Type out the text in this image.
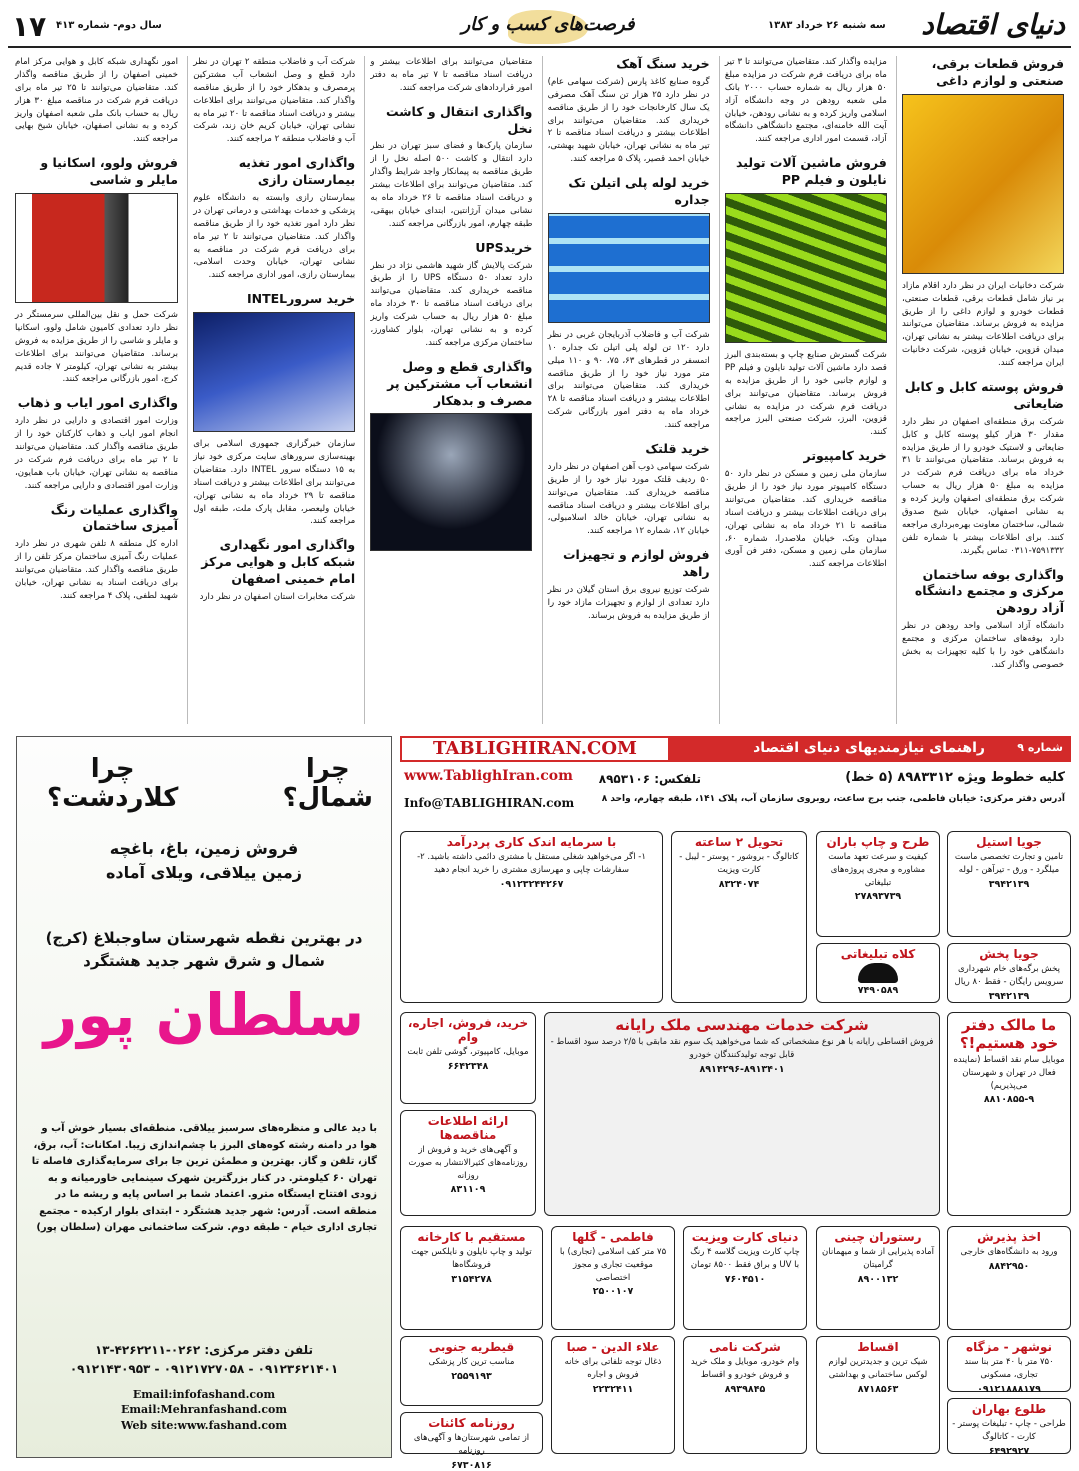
۱۷ سال دوم- شماره ۴۱۳	فرصت‌های کسب و کار	سه شنبه ۲۶ خرداد ۱۳۸۳ دنیای اقتصاد
فروش قطعات برقی، صنعتی و لوازم داغی

شرکت دخانیات ایران در نظر دارد اقلام مازاد بر نیاز شامل قطعات برقی، قطعات صنعتی، قطعات خودرو و لوازم داغی را از طریق مزایده به فروش برساند. متقاضیان می‌توانند برای دریافت اطلاعات بیشتر به نشانی تهران، میدان قزوین، خیابان قزوین، شرکت دخانیات ایران مراجعه کنند.

فروش پوسته کابل و کابل ضایعاتی

شرکت برق منطقه‌ای اصفهان در نظر دارد مقدار ۳۰ هزار کیلو پوسته کابل و کابل ضایعاتی و لاستیک خودرو را از طریق مزایده به فروش برساند. متقاضیان می‌توانند تا ۳۱ خرداد ماه برای دریافت فرم شرکت در مزایده به مبلغ ۵۰ هزار ریال به حساب شرکت برق منطقه‌ای اصفهان واریز کرده و به نشانی اصفهان، خیابان شیخ صدوق شمالی، ساختمان معاونت بهره‌برداری مراجعه کنند. برای اطلاعات بیشتر با شماره تلفن ۷۵۹۱۳۳۲-۰۳۱۱ تماس بگیرند.

واگذاری بوفه ساختمان مرکزی و مجتمع دانشگاه آزاد رودهن

دانشگاه آزاد اسلامی واحد رودهن در نظر دارد بوفه‌های ساختمان مرکزی و مجتمع دانشگاهی خود را با کلیه تجهیزات به بخش خصوصی واگذار کند.

مزایده واگذار کند. متقاضیان می‌توانند تا ۳ تیر ماه برای دریافت فرم شرکت در مزایده مبلغ ۵۰ هزار ریال به شماره حساب ۲۰۰۰ بانک ملی شعبه رودهن در وجه دانشگاه آزاد اسلامی واریز کرده و به نشانی رودهن، خیابان آیت الله خامنه‌ای، مجتمع دانشگاهی دانشگاه آزاد، قسمت امور اداری مراجعه کنند.

فروش ماشین آلات تولید نایلون و فیلم PP

شرکت گسترش صنایع چاپ و بسته‌بندی البرز قصد دارد ماشین آلات تولید نایلون و فیلم PP و لوازم جانبی خود را از طریق مزایده به فروش برساند. متقاضیان می‌توانند برای دریافت فرم شرکت در مزایده به نشانی قزوین، البرز، شرکت صنعتی البرز مراجعه کنند.

خرید کامپیوتر

سازمان ملی زمین و مسکن در نظر دارد ۵۰ دستگاه کامپیوتر مورد نیاز خود را از طریق مناقصه خریداری کند. متقاضیان می‌توانند برای دریافت اطلاعات بیشتر و دریافت اسناد مناقصه تا ۲۱ خرداد ماه به نشانی تهران، میدان ونک، خیابان ملاصدرا، شماره ۶۰، سازمان ملی زمین و مسکن، دفتر فن آوری اطلاعات مراجعه کنند.

خرید سنگ آهک

گروه صنایع کاغذ پارس (شرکت سهامی عام) در نظر دارد ۲۵ هزار تن سنگ آهک مصرفی یک سال کارخانجات خود را از طریق مناقصه خریداری کند. متقاضیان می‌توانند برای اطلاعات بیشتر و دریافت اسناد مناقصه تا ۲ تیر ماه به نشانی تهران، خیابان شهید بهشتی، خیابان احمد قصیر، پلاک ۵ مراجعه کنند.

خرید لوله پلی اتیلن تک جداره

شرکت آب و فاضلاب آذربایجان غربی در نظر دارد ۱۲۰ تن لوله پلی اتیلن تک جداره ۱۰ اتمسفر در قطرهای ۶۳، ۷۵، ۹۰ و ۱۱۰ میلی متر مورد نیاز خود را از طریق مناقصه خریداری کند. متقاضیان می‌توانند برای اطلاعات بیشتر و دریافت اسناد مناقصه تا ۲۸ خرداد ماه به دفتر امور بازرگانی شرکت مراجعه کنند.

خرید قلتک

شرکت سهامی ذوب آهن اصفهان در نظر دارد ۵۰ ردیف قلتک مورد نیاز خود را از طریق مناقصه خریداری کند. متقاضیان می‌توانند برای اطلاعات بیشتر و دریافت اسناد مناقصه به نشانی تهران، خیابان خالد اسلامبولی، خیابان ۱۲، شماره ۱۲ مراجعه کنند.

فروش لوازم و تجهیزات راهد

شرکت توزیع نیروی برق استان گیلان در نظر دارد تعدادی از لوازم و تجهیزات مازاد خود را از طریق مزایده به فروش برساند.

متقاضیان می‌توانند برای اطلاعات بیشتر و دریافت اسناد مناقصه تا ۷ تیر ماه به دفتر امور قراردادهای شرکت مراجعه کنند.

واگذاری انتقال و کاشت نخل

سازمان پارک‌ها و فضای سبز تهران در نظر دارد انتقال و کاشت ۵۰۰ اصله نخل را از طریق مناقصه به پیمانکار واجد شرایط واگذار کند. متقاضیان می‌توانند برای اطلاعات بیشتر و دریافت اسناد مناقصه تا ۲۶ خرداد ماه به نشانی میدان آرژانتین، ابتدای خیابان بیهقی، طبقه چهارم، امور بازرگانی مراجعه کنند.

خریدUPS

شرکت پالایش گاز شهید هاشمی نژاد در نظر دارد تعداد ۵۰ دستگاه UPS را از طریق مناقصه خریداری کند. متقاضیان می‌توانند برای دریافت اسناد مناقصه تا ۳۰ خرداد ماه مبلغ ۵۰ هزار ریال به حساب شرکت واریز کرده و به نشانی تهران، بلوار کشاورز، ساختمان مرکزی مراجعه کنند.

واگذاری قطع و وصل انشعاب آب مشترکین پر مصرف و بدهکار

شرکت آب و فاضلاب منطقه ۲ تهران در نظر دارد قطع و وصل انشعاب آب مشترکین پرمصرف و بدهکار خود را از طریق مناقصه واگذار کند. متقاضیان می‌توانند برای اطلاعات بیشتر و دریافت اسناد مناقصه تا ۲۰ تیر ماه به نشانی تهران، خیابان کریم خان زند، شرکت آب و فاضلاب منطقه ۲ مراجعه کنند.

واگذاری امور تغذیه بیمارستان رازی

بیمارستان رازی وابسته به دانشگاه علوم پزشکی و خدمات بهداشتی و درمانی تهران در نظر دارد امور تغذیه خود را از طریق مناقصه واگذار کند. متقاضیان می‌توانند تا ۲ تیر ماه برای دریافت فرم شرکت در مناقصه به نشانی تهران، خیابان وحدت اسلامی، بیمارستان رازی، امور اداری مراجعه کنند.

خرید سرورINTEL

سازمان خبرگزاری جمهوری اسلامی برای بهینه‌سازی سرورهای سایت مرکزی خود نیاز به ۱۵ دستگاه سرور INTEL دارد. متقاضیان می‌توانند برای اطلاعات بیشتر و دریافت اسناد مناقصه تا ۲۹ خرداد ماه به نشانی تهران، خیابان ولیعصر، مقابل پارک ملت، طبقه اول مراجعه کنند.

واگذاری امور نگهداری شبکه کابل و هوایی مرکز امام خمینی اصفهان

شرکت مخابرات استان اصفهان در نظر دارد

امور نگهداری شبکه کابل و هوایی مرکز امام خمینی اصفهان را از طریق مناقصه واگذار کند. متقاضیان می‌توانند تا ۲۵ تیر ماه برای دریافت فرم شرکت در مناقصه مبلغ ۳۰ هزار ریال به حساب بانک ملی شعبه اصفهان واریز کرده و به نشانی اصفهان، خیابان شیخ بهایی مراجعه کنند.

فروش ولوو، اسکانیا و مایلر و شاسی

شرکت حمل و نقل بین‌المللی سرمستگر در نظر دارد تعدادی کامیون شامل ولوو، اسکانیا و مایلر و شاسی را از طریق مزایده به فروش برساند. متقاضیان می‌توانند برای اطلاعات بیشتر به نشانی تهران، کیلومتر ۷ جاده قدیم کرج، امور بازرگانی مراجعه کنند.

واگذاری امور ایاب و ذهاب

وزارت امور اقتصادی و دارایی در نظر دارد انجام امور ایاب و ذهاب کارکنان خود را از طریق مناقصه واگذار کند. متقاضیان می‌توانند تا ۲ تیر ماه برای دریافت فرم شرکت در مناقصه به نشانی تهران، خیابان باب همایون، وزارت امور اقتصادی و دارایی مراجعه کنند.

واگذاری عملیات رنگ آمیزی ساختمان

اداره کل منطقه ۸ تلفن شهری در نظر دارد عملیات رنگ آمیزی ساختمان مرکز تلفن را از طریق مناقصه واگذار کند. متقاضیان می‌توانند برای دریافت اسناد به نشانی تهران، خیابان شهید لطفی، پلاک ۴ مراجعه کنند.

شماره ۹
راهنمای نیازمندیهای دنیای اقتصاد
TABLIGHIRAN.COM
کلیه خطوط ویژه ۸۹۸۳۳۱۲ (۵ خط)
تلفکس: ۸۹۵۳۱۰۶
آدرس دفتر مرکزی: خیابان فاطمی، جنب برج ساعت، روبروی سازمان آب، پلاک ۱۴۱، طبقه چهارم، واحد ۸
www.TablighIran.com
Info@TABLIGHIRAN.com
جویا استیل
تامین و تجارت تخصصی ماست میلگرد - ورق - تیرآهن - لوله
۳۹۴۲۱۳۹
طرح و چاپ باران
کیفیت و سرعت تعهد ماست مشاوره و مجری پروژه‌های تبلیغاتی
۲۷۸۹۳۷۳۹
تحویل ۲ ساعته
کاتالوگ - بروشور - پوستر - لیبل - کارت ویزیت
۸۳۲۴۰۷۴
با سرمایه اندک کاری پردرآمد
۱- اگر می‌خواهید شغلی مستقل با مشتری دائمی داشته باشید. ۲- سفارشات چاپی و مهرسازی مشتری را خرید انجام دهید
۰۹۱۲۳۲۴۴۲۶۷
جویا پخش
پخش برگه‌های خام شهرداری سرویس رایگان - فقط ۸۰ ریال
۳۹۴۲۱۳۹
کلاه تبلیغاتی
۷۴۹۰۵۸۹
ما مالک دفتر خود هستیم!؟
موبایل سام نقد اقساط (نماینده فعال در تهران و شهرستان می‌پذیریم)
۸۸۱۰۸۵۵-۹
شرکت خدمات مهندسی ملک رایانه
فروش اقساطی رایانه با هر نوع مشخصاتی که شما می‌خواهید یک سوم نقد مابقی با ۲/۵ درصد سود اقساط - قابل توجه تولیدکنندگان خودرو
۸۹۱۴۲۹۶-۸۹۱۳۴۰۱
خرید، فروش، اجاره، وام
موبایل، کامپیوتر، گوشی تلفن ثابت
۶۶۴۲۳۴۸
ارائه اطلاعات مناقصه‌ها
و آگهی‌های خرید و فروش از روزنامه‌های کثیرالانتشار به صورت روزانه
۸۳۱۱۰۹
اخذ پذیرش
ورود به دانشگاه‌های خارجی
۸۸۴۲۹۵۰
رستوران چینی
آماده پذیرایی از شما و میهمانان گرامیتان
۸۹۰۰۱۳۲
دنیای کارت ویزیت
چاپ کارت ویزیت گلاسه ۴ رنگ با UV و براق فقط ۸۵۰۰ تومان
۷۶۰۴۵۱۰
فاطمی - گلها
۷۵ متر کف اسلامی (تجاری) با موقعیت تجاری و مجوز اختصاصی
۲۵۰۰۱۰۷
مستقیم با کارخانه
تولید و چاپ نایلون و نایلکس جهت فروشگاه‌ها
۳۱۵۴۲۷۸
نوشهر - مزگاه
۷۵۰ متر با ۴۰ متر بنا سند تجاری، مسکونی
۰۹۱۲۱۸۸۸۱۷۹
اقساط
شیک ترین و جدیدترین لوازم لوکس ساختمانی و بهداشتی
۸۷۱۸۵۶۳
شرکت نامی
وام خودرو، موبایل و ملک خرید و فروش خودرو و اقساط
۸۹۳۹۸۴۵
علاء الدین - صبا
ذغال توجه تلفاتی برای خانه فروش و اجاره
۲۲۳۲۴۱۱
قیطریه جنوبی
مناسب ترین کار پزشکی
۲۵۵۹۱۹۳
روزنامه کائنات
از تمامی شهرستان‌ها و آگهی‌های روزنامه
۶۷۳۰۸۱۶
طلوع بهاران
طراحی - چاپ - تبلیغات پوستر - کارت - کاتالوگ
۶۴۹۲۹۲۷
چرا
شمال؟
چرا
کلاردشت؟
فروش زمین، باغ، باغچه
زمین ییلاقی، ویلای آماده
در بهترین نقطه شهرستان ساوجبلاغ (کرج)
شمال و شرق شهر جدید هشتگرد
سلطان پور
با دید عالی و منظره‌های سرسبز ییلاقی. منطقه‌ای بسیار خوش آب و هوا در دامنه رشته کوه‌های البرز با چشم‌اندازی زیبا. امکانات: آب، برق، گاز، تلفن و گاز. بهترین و مطمئن ترین جا برای سرمایه‌گذاری فاصله تا تهران ۶۰ کیلومتر. در کنار بزرگترین شهرک سینمایی خاورمیانه و به زودی افتتاح ایستگاه مترو. اعتماد شما بر اساس پایه و ریشه ما در منطقه است. آدرس: شهر جدید هشتگرد - ابتدای بلوار ارکیده - مجتمع تجاری اداری خیام - طبقه دوم. شرکت ساختمانی مهران (سلطان پور)
تلفن دفتر مرکزی: ۰۲۶۲-۴۲۶۲۲۱۱-۱۳
۰۹۱۲۱۴۳۰۹۵۳ - ۰۹۱۲۱۷۲۷۰۵۸ - ۰۹۱۲۳۶۲۱۴۰۱
Email:infofashand.com
Email:Mehranfashand.com
Web site:www.fashand.com
